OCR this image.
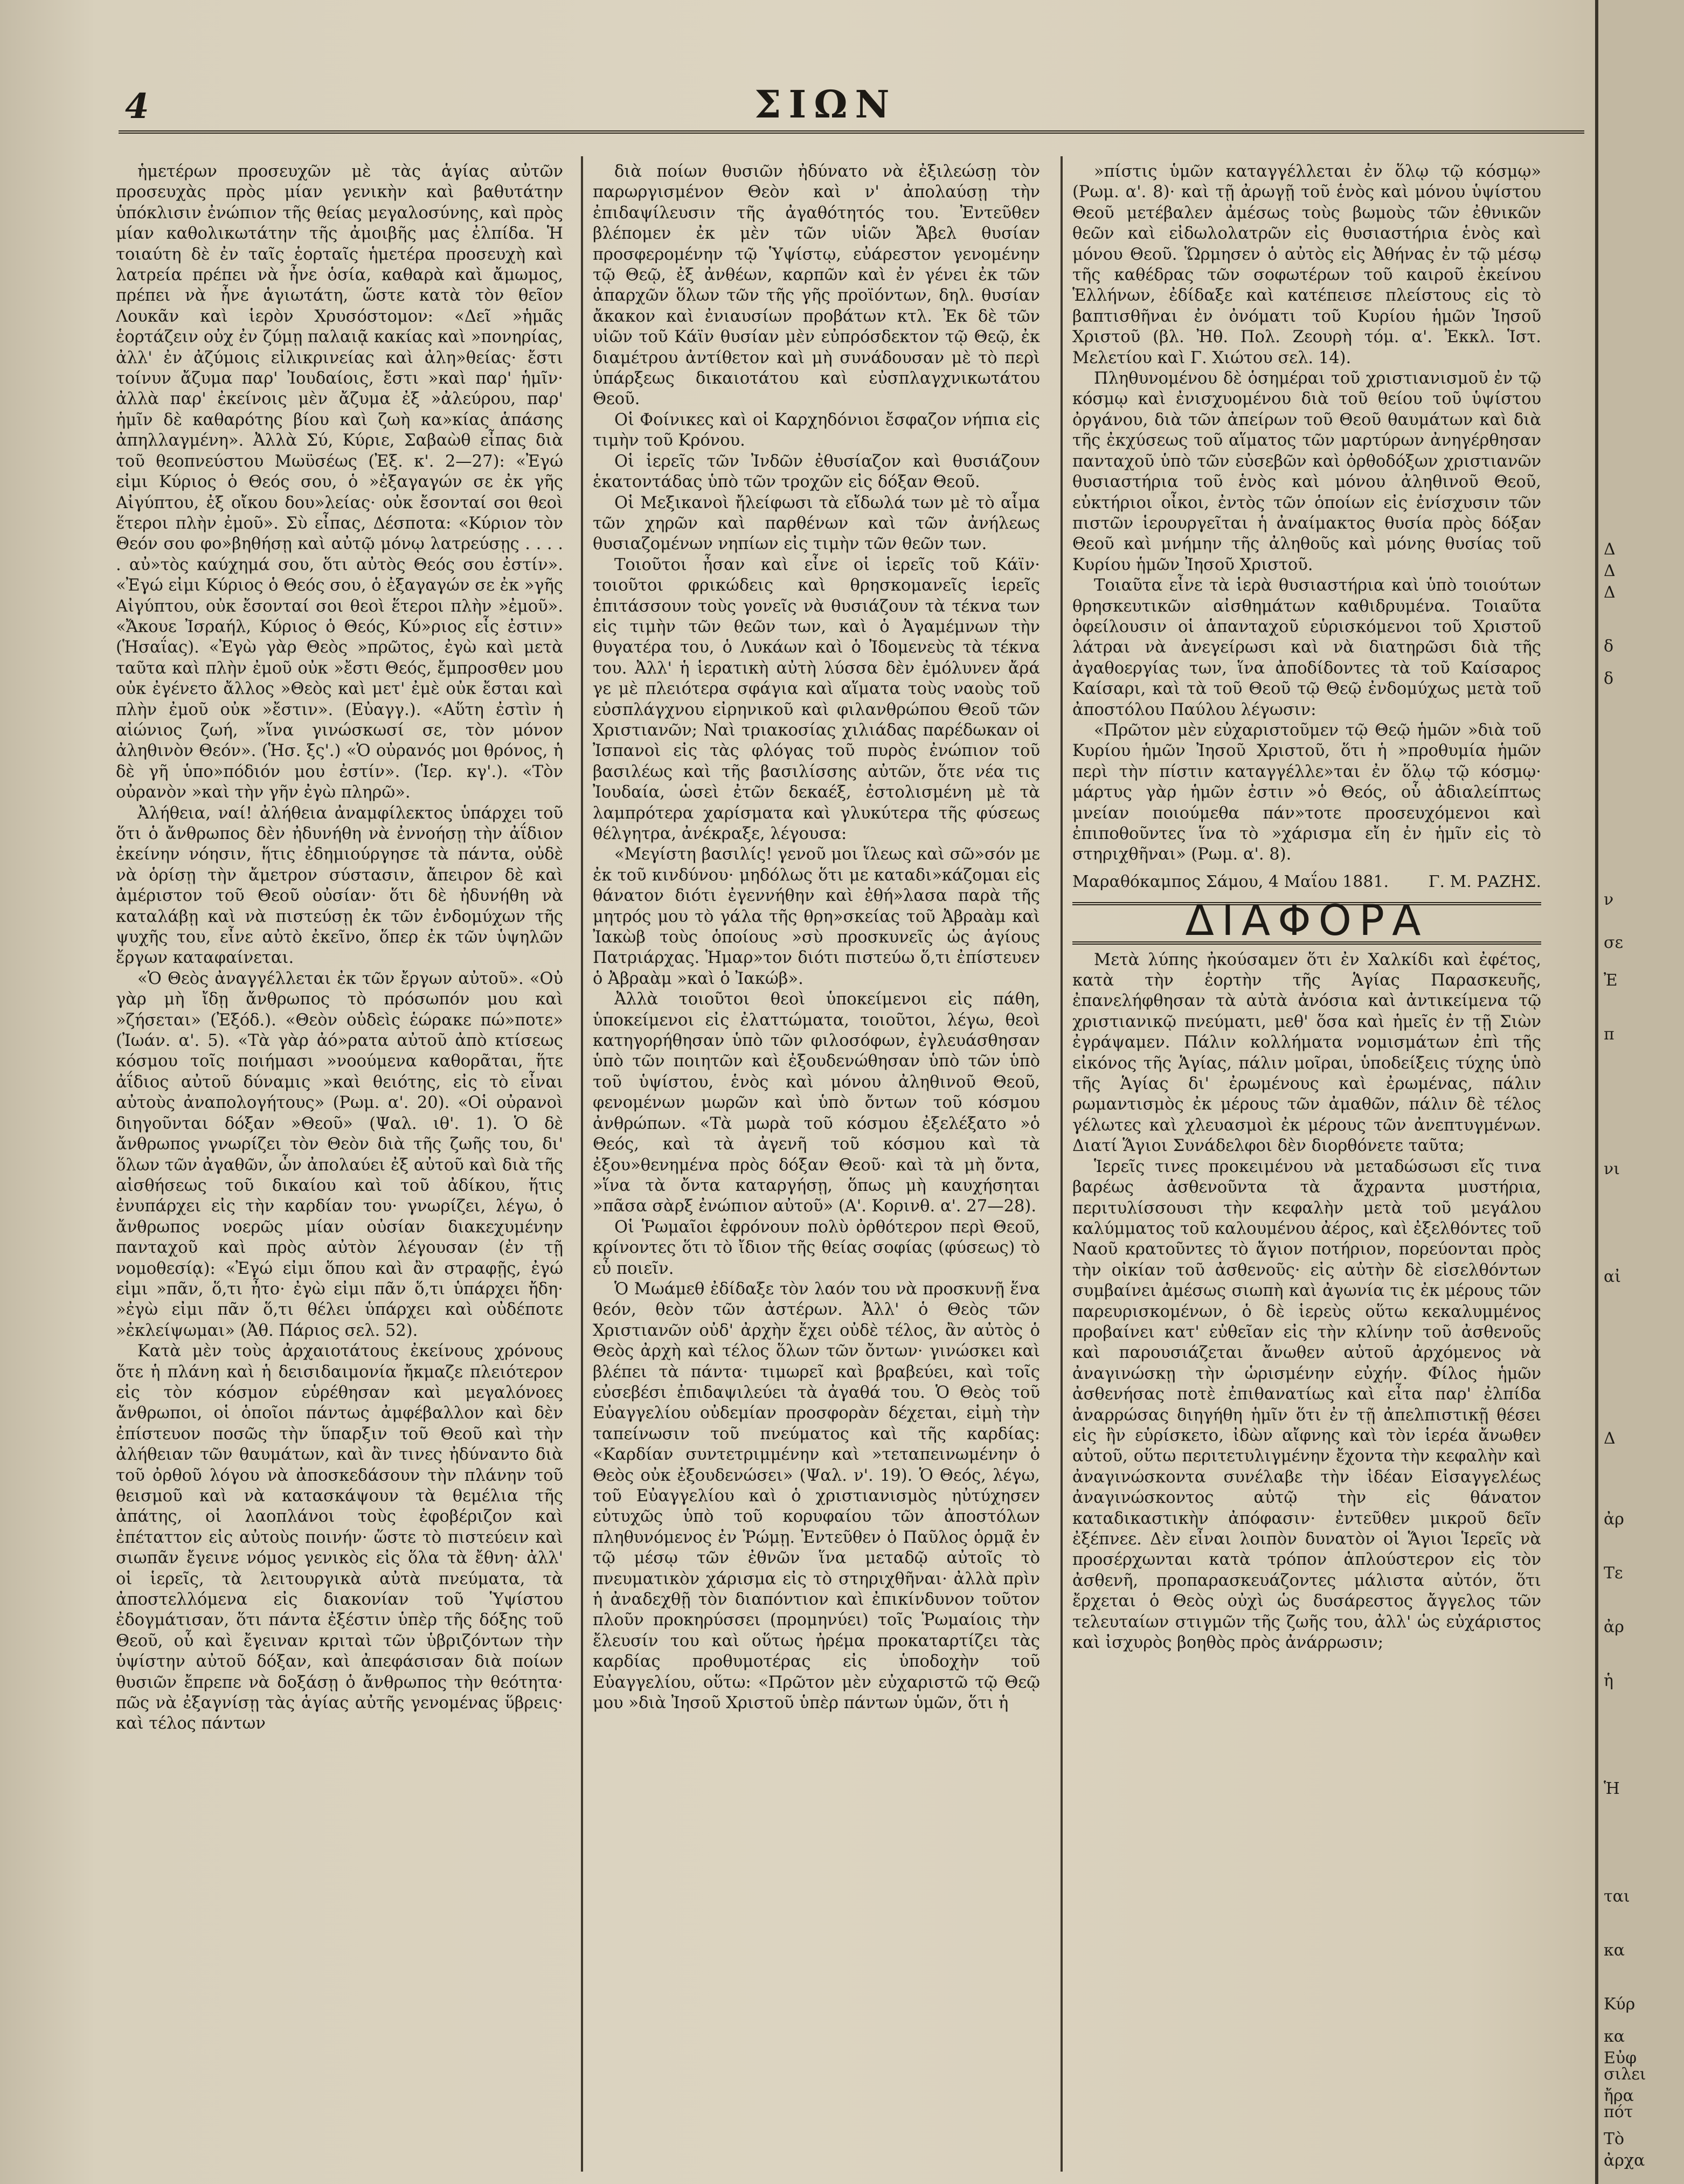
4	ΣΙΩΝ

ἡμετέρων προσευχῶν μὲ τὰς ἁγίας αὐτῶν προσευχὰς πρὸς μίαν γενικὴν καὶ βαθυτάτην ὑπόκλισιν ἐνώπιον τῆς θείας μεγαλοσύνης, καὶ πρὸς μίαν καθολικωτάτην τῆς ἀμοιβῆς μας ἐλπίδα. Ἡ τοιαύτη δὲ ἐν ταῖς ἑορταῖς ἡμετέρα προσευχὴ καὶ λατρεία πρέπει νὰ ἦνε ὁσία, καθαρὰ καὶ ἄμωμος, πρέπει νὰ ἦνε ἁγιωτάτη, ὥστε κατὰ τὸν θεῖον Λουκᾶν καὶ ἱερὸν Χρυσόστομον: «Δεῖ »ἡμᾶς ἑορτάζειν οὐχ ἐν ζύμῃ παλαιᾷ κακίας καὶ »πονηρίας, ἀλλ' ἐν ἀζύμοις εἰλικρινείας καὶ ἀλη»θείας· ἔστι τοίνυν ἄζυμα παρ' Ἰουδαίοις, ἔστι »καὶ παρ' ἡμῖν· ἀλλὰ παρ' ἐκείνοις μὲν ἄζυμα ἐξ »ἀλεύρου, παρ' ἡμῖν δὲ καθαρότης βίου καὶ ζωὴ κα»κίας ἁπάσης ἀπηλλαγμένη». Ἀλλὰ Σύ, Κύριε, Σαβαὼθ εἶπας διὰ τοῦ θεοπνεύστου Μωϋσέως (Ἐξ. κ'. 2—27): «Ἐγώ εἰμι Κύριος ὁ Θεός σου, ὁ »ἐξαγαγών σε ἐκ γῆς Αἰγύπτου, ἐξ οἴκου δου»λείας· οὐκ ἔσονταί σοι θεοὶ ἕτεροι πλὴν ἐμοῦ». Σὺ εἶπας, Δέσποτα: «Κύριον τὸν Θεόν σου φο»βηθήσῃ καὶ αὐτῷ μόνῳ λατρεύσῃς . . . . . αὐ»τὸς καύχημά σου, ὅτι αὐτὸς Θεός σου ἐστίν». «Ἐγώ εἰμι Κύριος ὁ Θεός σου, ὁ ἐξαγαγών σε ἐκ »γῆς Αἰγύπτου, οὐκ ἔσονταί σοι θεοὶ ἕτεροι πλὴν »ἐμοῦ». «Ἄκουε Ἰσραήλ, Κύριος ὁ Θεός, Κύ»ριος εἷς ἐστιν» (Ἡσαΐας). «Ἐγὼ γὰρ Θεὸς »πρῶτος, ἐγὼ καὶ μετὰ ταῦτα καὶ πλὴν ἐμοῦ οὐκ »ἔστι Θεός, ἔμπροσθεν μου οὐκ ἐγένετο ἄλλος »Θεὸς καὶ μετ' ἐμὲ οὐκ ἔσται καὶ πλὴν ἐμοῦ οὐκ »ἔστιν». (Εὐαγγ.). «Αὕτη ἐστὶν ἡ αἰώνιος ζωή, »ἵνα γινώσκωσί σε, τὸν μόνον ἀληθινὸν Θεόν». (Ἡσ. ξς'.) «Ὁ οὐρανός μοι θρόνος, ἡ δὲ γῆ ὑπο»πόδιόν μου ἐστίν». (Ἱερ. κγ'.). «Τὸν οὐρανὸν »καὶ τὴν γῆν ἐγὼ πληρῶ».

Ἀλήθεια, ναί! ἀλήθεια ἀναμφίλεκτος ὑπάρχει τοῦ ὅτι ὁ ἄνθρωπος δὲν ἠδυνήθη νὰ ἐννοήσῃ τὴν ἀΐδιον ἐκείνην νόησιν, ἥτις ἐδημιούργησε τὰ πάντα, οὐδὲ νὰ ὁρίσῃ τὴν ἄμετρον σύστασιν, ἄπειρον δὲ καὶ ἀμέριστον τοῦ Θεοῦ οὐσίαν· ὅτι δὲ ἠδυνήθη νὰ καταλάβῃ καὶ νὰ πιστεύσῃ ἐκ τῶν ἐνδομύχων τῆς ψυχῆς του, εἶνε αὐτὸ ἐκεῖνο, ὅπερ ἐκ τῶν ὑψηλῶν ἔργων καταφαίνεται.

«Ὁ Θεὸς ἀναγγέλλεται ἐκ τῶν ἔργων αὐτοῦ». «Οὐ γὰρ μὴ ἴδῃ ἄνθρωπος τὸ πρόσωπόν μου καὶ »ζήσεται» (Ἐξόδ.). «Θεὸν οὐδεὶς ἑώρακε πώ»ποτε» (Ἰωάν. α'. 5). «Τὰ γὰρ ἀό»ρατα αὐτοῦ ἀπὸ κτίσεως κόσμου τοῖς ποιήμασι »νοούμενα καθορᾶται, ἥτε ἀΐδιος αὐτοῦ δύναμις »καὶ θειότης, εἰς τὸ εἶναι αὐτοὺς ἀναπολογήτους» (Ρωμ. α'. 20). «Οἱ οὐρανοὶ διηγοῦνται δόξαν »Θεοῦ» (Ψαλ. ιθ'. 1). Ὁ δὲ ἄνθρωπος γνωρίζει τὸν Θεὸν διὰ τῆς ζωῆς του, δι' ὅλων τῶν ἀγαθῶν, ὧν ἀπολαύει ἐξ αὐτοῦ καὶ διὰ τῆς αἰσθήσεως τοῦ δικαίου καὶ τοῦ ἀδίκου, ἥτις ἐνυπάρχει εἰς τὴν καρδίαν του· γνωρίζει, λέγω, ὁ ἄνθρωπος νοερῶς μίαν οὐσίαν διακεχυμένην πανταχοῦ καὶ πρὸς αὐτὸν λέγουσαν (ἐν τῇ νομοθεσίᾳ): «Ἐγώ εἰμι ὅπου καὶ ἂν στραφῇς, ἐγώ εἰμι »πᾶν, ὅ,τι ἦτο· ἐγὼ εἰμι πᾶν ὅ,τι ὑπάρχει ἤδη· »ἐγὼ εἰμι πᾶν ὅ,τι θέλει ὑπάρχει καὶ οὐδέποτε »ἐκλείψωμαι» (Ἀθ. Πάριος σελ. 52).

Κατὰ μὲν τοὺς ἀρχαιοτάτους ἐκείνους χρόνους ὅτε ἡ πλάνη καὶ ἡ δεισιδαιμονία ἤκμαζε πλειότερον εἰς τὸν κόσμον εὑρέθησαν καὶ μεγαλόνοες ἄνθρωποι, οἱ ὁποῖοι πάντως ἀμφέβαλλον καὶ δὲν ἐπίστευον ποσῶς τὴν ὕπαρξιν τοῦ Θεοῦ καὶ τὴν ἀλήθειαν τῶν θαυμάτων, καὶ ἂν τινες ἠδύναντο διὰ τοῦ ὀρθοῦ λόγου νὰ ἀποσκεδάσουν τὴν πλάνην τοῦ θεισμοῦ καὶ νὰ κατασκάψουν τὰ θεμέλια τῆς ἀπάτης, οἱ λαοπλάνοι τοὺς ἐφοβέριζον καὶ ἐπέταττον εἰς αὐτοὺς ποινήν· ὥστε τὸ πιστεύειν καὶ σιωπᾶν ἔγεινε νόμος γενικὸς εἰς ὅλα τὰ ἔθνη· ἀλλ' οἱ ἱερεῖς, τὰ λειτουργικὰ αὐτὰ πνεύματα, τὰ ἀποστελλόμενα εἰς διακονίαν τοῦ Ὑψίστου ἐδογμάτισαν, ὅτι πάντα ἐξέστιν ὑπὲρ τῆς δόξης τοῦ Θεοῦ, οὗ καὶ ἔγειναν κριταὶ τῶν ὑβριζόντων τὴν ὑψίστην αὐτοῦ δόξαν, καὶ ἀπεφάσισαν διὰ ποίων θυσιῶν ἔπρεπε νὰ δοξάσῃ ὁ ἄνθρωπος τὴν θεότητα· πῶς νὰ ἐξαγνίσῃ τὰς ἁγίας αὐτῆς γενομένας ὕβρεις· καὶ τέλος πάντων

διὰ ποίων θυσιῶν ἠδύνατο νὰ ἐξιλεώσῃ τὸν παρωργισμένον Θεὸν καὶ ν' ἀπολαύσῃ τὴν ἐπιδαψίλευσιν τῆς ἀγαθότητός του. Ἐντεῦθεν βλέπομεν ἐκ μὲν τῶν υἱῶν Ἄβελ θυσίαν προσφερομένην τῷ Ὑψίστῳ, εὐάρεστον γενομένην τῷ Θεῷ, ἐξ ἀνθέων, καρπῶν καὶ ἐν γένει ἐκ τῶν ἀπαρχῶν ὅλων τῶν τῆς γῆς προϊόντων, δηλ. θυσίαν ἄκακον καὶ ἐνιαυσίων προβάτων κτλ. Ἐκ δὲ τῶν υἱῶν τοῦ Κάϊν θυσίαν μὲν εὐπρόσδεκτον τῷ Θεῷ, ἐκ διαμέτρου ἀντίθετον καὶ μὴ συνάδουσαν μὲ τὸ περὶ ὑπάρξεως δικαιοτάτου καὶ εὐσπλαγχνικωτάτου Θεοῦ.

Οἱ Φοίνικες καὶ οἱ Καρχηδόνιοι ἔσφαζον νήπια εἰς τιμὴν τοῦ Κρόνου.

Οἱ ἱερεῖς τῶν Ἰνδῶν ἐθυσίαζον καὶ θυσιάζουν ἑκατοντάδας ὑπὸ τῶν τροχῶν εἰς δόξαν Θεοῦ.

Οἱ Μεξικανοὶ ἤλείφωσι τὰ εἴδωλά των μὲ τὸ αἷμα τῶν χηρῶν καὶ παρθένων καὶ τῶν ἀνήλεως θυσιαζομένων νηπίων εἰς τιμὴν τῶν θεῶν των.

Τοιοῦτοι ἦσαν καὶ εἶνε οἱ ἱερεῖς τοῦ Κάϊν· τοιοῦτοι φρικώδεις καὶ θρησκομανεῖς ἱερεῖς ἐπιτάσσουν τοὺς γονεῖς νὰ θυσιάζουν τὰ τέκνα των εἰς τιμὴν τῶν θεῶν των, καὶ ὁ Ἀγαμέμνων τὴν θυγατέρα του, ὁ Λυκάων καὶ ὁ Ἰδομενεὺς τὰ τέκνα του. Ἀλλ' ἡ ἱερατικὴ αὐτὴ λύσσα δὲν ἐμόλυνεν ἄρά γε μὲ πλειότερα σφάγια καὶ αἵματα τοὺς ναοὺς τοῦ εὐσπλάγχνου εἰρηνικοῦ καὶ φιλανθρώπου Θεοῦ τῶν Χριστιανῶν; Ναὶ τριακοσίας χιλιάδας παρέδωκαν οἱ Ἰσπανοὶ εἰς τὰς φλόγας τοῦ πυρὸς ἐνώπιον τοῦ βασιλέως καὶ τῆς βασιλίσσης αὐτῶν, ὅτε νέα τις Ἰουδαία, ὡσεὶ ἐτῶν δεκαέξ, ἐστολισμένη μὲ τὰ λαμπρότερα χαρίσματα καὶ γλυκύτερα τῆς φύσεως θέλγητρα, ἀνέκραξε, λέγουσα:

«Μεγίστη βασιλίς! γενοῦ μοι ἵλεως καὶ σῶ»σόν με ἐκ τοῦ κινδύνου· μηδόλως ὅτι με καταδι»κάζομαι εἰς θάνατον διότι ἐγεννήθην καὶ ἐθή»λασα παρὰ τῆς μητρός μου τὸ γάλα τῆς θρη»σκείας τοῦ Ἀβραὰμ καὶ Ἰακὼβ τοὺς ὁποίους »σὺ προσκυνεῖς ὡς ἁγίους Πατριάρχας. Ἡμαρ»τον διότι πιστεύω ὅ,τι ἐπίστευεν ὁ Ἀβραὰμ »καὶ ὁ Ἰακώβ».

Ἀλλὰ τοιοῦτοι θεοὶ ὑποκείμενοι εἰς πάθη, ὑποκείμενοι εἰς ἐλαττώματα, τοιοῦτοι, λέγω, θεοὶ κατηγορήθησαν ὑπὸ τῶν φιλοσόφων, ἐγλευάσθησαν ὑπὸ τῶν ποιητῶν καὶ ἐξουδενώθησαν ὑπὸ τῶν ὑπὸ τοῦ ὑψίστου, ἑνὸς καὶ μόνου ἀληθινοῦ Θεοῦ, φενομένων μωρῶν καὶ ὑπὸ ὄντων τοῦ κόσμου ἀνθρώπων. «Τὰ μωρὰ τοῦ κόσμου ἐξελέξατο »ὁ Θεός, καὶ τὰ ἀγενῆ τοῦ κόσμου καὶ τὰ ἐξου»θενημένα πρὸς δόξαν Θεοῦ· καὶ τὰ μὴ ὄντα, »ἵνα τὰ ὄντα καταργήσῃ, ὅπως μὴ καυχήσηται »πᾶσα σὰρξ ἐνώπιον αὐτοῦ» (Α'. Κορινθ. α'. 27—28).

Οἱ Ῥωμαῖοι ἐφρόνουν πολὺ ὀρθότερον περὶ Θεοῦ, κρίνοντες ὅτι τὸ ἴδιον τῆς θείας σοφίας (φύσεως) τὸ εὖ ποιεῖν.

Ὁ Μωάμεθ ἐδίδαξε τὸν λαόν του νὰ προσκυνῇ ἕνα θεόν, θεὸν τῶν ἀστέρων. Ἀλλ' ὁ Θεὸς τῶν Χριστιανῶν οὐδ' ἀρχὴν ἔχει οὐδὲ τέλος, ἂν αὐτὸς ὁ Θεὸς ἀρχὴ καὶ τέλος ὅλων τῶν ὄντων· γινώσκει καὶ βλέπει τὰ πάντα· τιμωρεῖ καὶ βραβεύει, καὶ τοῖς εὐσεβέσι ἐπιδαψιλεύει τὰ ἀγαθά του. Ὁ Θεὸς τοῦ Εὐαγγελίου οὐδεμίαν προσφορὰν δέχεται, εἰμὴ τὴν ταπείνωσιν τοῦ πνεύματος καὶ τῆς καρδίας: «Καρδίαν συντετριμμένην καὶ »τεταπεινωμένην ὁ Θεὸς οὐκ ἐξουδενώσει» (Ψαλ. ν'. 19). Ὁ Θεός, λέγω, τοῦ Εὐαγγελίου καὶ ὁ χριστιανισμὸς ηὐτύχησεν εὐτυχῶς ὑπὸ τοῦ κορυφαίου τῶν ἀποστόλων πληθυνόμενος ἐν Ῥώμῃ. Ἐντεῦθεν ὁ Παῦλος ὁρμᾷ ἐν τῷ μέσῳ τῶν ἐθνῶν ἵνα μεταδῷ αὐτοῖς τὸ πνευματικὸν χάρισμα εἰς τὸ στηριχθῆναι· ἀλλὰ πρὶν ἡ ἀναδεχθῇ τὸν διαπόντιον καὶ ἐπικίνδυνον τοῦτον πλοῦν προκηρύσσει (προμηνύει) τοῖς Ῥωμαίοις τὴν ἔλευσίν του καὶ οὕτως ἠρέμα προκαταρτίζει τὰς καρδίας προθυμοτέρας εἰς ὑποδοχὴν τοῦ Εὐαγγελίου, οὕτω: «Πρῶτον μὲν εὐχαριστῶ τῷ Θεῷ μου »διὰ Ἰησοῦ Χριστοῦ ὑπὲρ πάντων ὑμῶν, ὅτι ἡ

»πίστις ὑμῶν καταγγέλλεται ἐν ὅλῳ τῷ κόσμῳ» (Ρωμ. α'. 8)· καὶ τῇ ἀρωγῇ τοῦ ἑνὸς καὶ μόνου ὑψίστου Θεοῦ μετέβαλεν ἀμέσως τοὺς βωμοὺς τῶν ἐθνικῶν θεῶν καὶ εἰδωλολατρῶν εἰς θυσιαστήρια ἑνὸς καὶ μόνου Θεοῦ. Ὥρμησεν ὁ αὐτὸς εἰς Ἀθήνας ἐν τῷ μέσῳ τῆς καθέδρας τῶν σοφωτέρων τοῦ καιροῦ ἐκείνου Ἑλλήνων, ἐδίδαξε καὶ κατέπεισε πλείστους εἰς τὸ βαπτισθῆναι ἐν ὀνόματι τοῦ Κυρίου ἡμῶν Ἰησοῦ Χριστοῦ (βλ. Ἠθ. Πολ. Ζεουρὴ τόμ. α'. Ἐκκλ. Ἱστ. Μελετίου καὶ Γ. Χιώτου σελ. 14).

Πληθυνομένου δὲ ὁσημέραι τοῦ χριστιανισμοῦ ἐν τῷ κόσμῳ καὶ ἐνισχυομένου διὰ τοῦ θείου τοῦ ὑψίστου ὀργάνου, διὰ τῶν ἀπείρων τοῦ Θεοῦ θαυμάτων καὶ διὰ τῆς ἐκχύσεως τοῦ αἵματος τῶν μαρτύρων ἀνηγέρθησαν πανταχοῦ ὑπὸ τῶν εὐσεβῶν καὶ ὀρθοδόξων χριστιανῶν θυσιαστήρια τοῦ ἑνὸς καὶ μόνου ἀληθινοῦ Θεοῦ, εὐκτήριοι οἶκοι, ἐντὸς τῶν ὁποίων εἰς ἐνίσχυσιν τῶν πιστῶν ἱερουργεῖται ἡ ἀναίμακτος θυσία πρὸς δόξαν Θεοῦ καὶ μνήμην τῆς ἀληθοῦς καὶ μόνης θυσίας τοῦ Κυρίου ἡμῶν Ἰησοῦ Χριστοῦ.

Τοιαῦτα εἶνε τὰ ἱερὰ θυσιαστήρια καὶ ὑπὸ τοιούτων θρησκευτικῶν αἰσθημάτων καθιδρυμένα. Τοιαῦτα ὀφείλουσιν οἱ ἁπανταχοῦ εὑρισκόμενοι τοῦ Χριστοῦ λάτραι νὰ ἀνεγείρωσι καὶ νὰ διατηρῶσι διὰ τῆς ἀγαθοεργίας των, ἵνα ἀποδίδοντες τὰ τοῦ Καίσαρος Καίσαρι, καὶ τὰ τοῦ Θεοῦ τῷ Θεῷ ἐνδομύχως μετὰ τοῦ ἀποστόλου Παύλου λέγωσιν:

«Πρῶτον μὲν εὐχαριστοῦμεν τῷ Θεῷ ἡμῶν »διὰ τοῦ Κυρίου ἡμῶν Ἰησοῦ Χριστοῦ, ὅτι ἡ »προθυμία ἡμῶν περὶ τὴν πίστιν καταγγέλλε»ται ἐν ὅλῳ τῷ κόσμῳ· μάρτυς γὰρ ἡμῶν ἐστιν »ὁ Θεός, οὗ ἀδιαλείπτως μνείαν ποιούμεθα πάν»τοτε προσευχόμενοι καὶ ἐπιποθοῦντες ἵνα τὸ »χάρισμα εἴη ἐν ἡμῖν εἰς τὸ στηριχθῆναι» (Ρωμ. α'. 8).

Μαραθόκαμπος Σάμου, 4 Μαΐου 1881. Γ. Μ. ΡΑΖΗΣ.
ΔΙΑΦΟΡΑ

Μετὰ λύπης ἠκούσαμεν ὅτι ἐν Χαλκίδι καὶ ἐφέτος, κατὰ τὴν ἑορτὴν τῆς Ἁγίας Παρασκευῆς, ἐπανελήφθησαν τὰ αὐτὰ ἀνόσια καὶ ἀντικείμενα τῷ χριστιανικῷ πνεύματι, μεθ' ὅσα καὶ ἡμεῖς ἐν τῇ Σιὼν ἐγράψαμεν. Πάλιν κολλήματα νομισμάτων ἐπὶ τῆς εἰκόνος τῆς Ἁγίας, πάλιν μοῖραι, ὑποδείξεις τύχης ὑπὸ τῆς Ἁγίας δι' ἐρωμένους καὶ ἐρωμένας, πάλιν ρωμαντισμὸς ἐκ μέρους τῶν ἀμαθῶν, πάλιν δὲ τέλος γέλωτες καὶ χλευασμοὶ ἐκ μέρους τῶν ἀνεπτυγμένων. Διατί Ἅγιοι Συνάδελφοι δὲν διορθόνετε ταῦτα;

Ἱερεῖς τινες προκειμένου νὰ μεταδώσωσι εἴς τινα βαρέως ἀσθενοῦντα τὰ ἄχραντα μυστήρια, περιτυλίσσουσι τὴν κεφαλὴν μετὰ τοῦ μεγάλου καλύμματος τοῦ καλουμένου ἀέρος, καὶ ἐξελθόντες τοῦ Ναοῦ κρατοῦντες τὸ ἅγιον ποτήριον, πορεύονται πρὸς τὴν οἰκίαν τοῦ ἀσθενοῦς· εἰς αὐτὴν δὲ εἰσελθόντων συμβαίνει ἀμέσως σιωπὴ καὶ ἀγωνία τις ἐκ μέρους τῶν παρευρισκομένων, ὁ δὲ ἱερεὺς οὕτω κεκαλυμμένος προβαίνει κατ' εὐθεῖαν εἰς τὴν κλίνην τοῦ ἀσθενοῦς καὶ παρουσιάζεται ἄνωθεν αὐτοῦ ἀρχόμενος νὰ ἀναγινώσκῃ τὴν ὡρισμένην εὐχήν. Φίλος ἡμῶν ἀσθενήσας ποτὲ ἐπιθανατίως καὶ εἶτα παρ' ἐλπίδα ἀναρρώσας διηγήθη ἡμῖν ὅτι ἐν τῇ ἀπελπιστικῇ θέσει εἰς ἣν εὑρίσκετο, ἰδὼν αἴφνης καὶ τὸν ἱερέα ἄνωθεν αὐτοῦ, οὕτω περιτετυλιγμένην ἔχοντα τὴν κεφαλὴν καὶ ἀναγινώσκοντα συνέλαβε τὴν ἰδέαν Εἰσαγγελέως ἀναγινώσκοντος αὐτῷ τὴν εἰς θάνατον καταδικαστικὴν ἀπόφασιν· ἐντεῦθεν μικροῦ δεῖν ἐξέπνεε. Δὲν εἶναι λοιπὸν δυνατὸν οἱ Ἅγιοι Ἱερεῖς νὰ προσέρχωνται κατὰ τρόπον ἁπλούστερον εἰς τὸν ἀσθενῆ, προπαρασκευάζοντες μάλιστα αὐτόν, ὅτι ἔρχεται ὁ Θεὸς οὐχὶ ὡς δυσάρεστος ἄγγελος τῶν τελευταίων στιγμῶν τῆς ζωῆς του, ἀλλ' ὡς εὐχάριστος καὶ ἰσχυρὸς βοηθὸς πρὸς ἀνάρρωσιν;

Δ
Δ
Δ
δ
δ
ν
σε
Ἐ
π
νι
αἰ
Δ
ἀρ
Τε
ἀρ
ἡ
Ἡ
ται
κα
Κύρ
κα
Εὐφ
σιλει
ἤρα
πότ
Τὸ
ἀρχα
